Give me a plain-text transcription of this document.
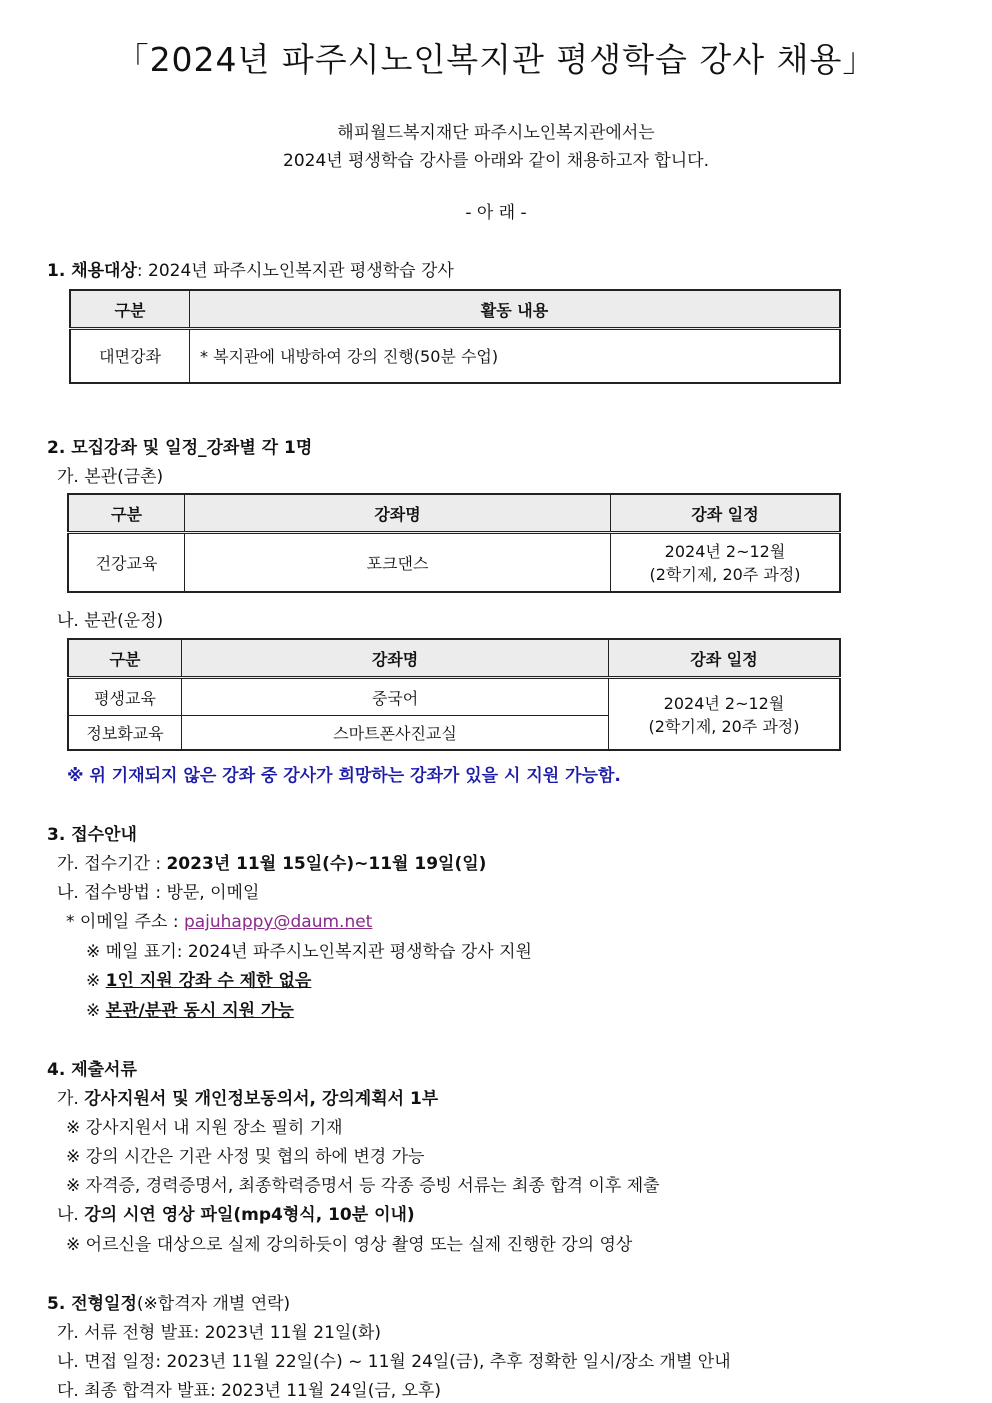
「2024년 파주시노인복지관 평생학습 강사 채용」
해피월드복지재단 파주시노인복지관에서는
2024년 평생학습 강사를 아래와 같이 채용하고자 합니다.
- 아 래 -
1. 채용대상: 2024년 파주시노인복지관 평생학습 강사
구분	활동 내용
대면강좌	* 복지관에 내방하여 강의 진행(50분 수업)
2. 모집강좌 및 일정_강좌별 각 1명
가. 본관(금촌)
구분	강좌명	강좌 일정
건강교육	포크댄스	2024년 2~12월
(2학기제, 20주 과정)
나. 분관(운정)
구분	강좌명	강좌 일정
평생교육	중국어	2024년 2~12월
(2학기제, 20주 과정)

정보화교육	스마트폰사진교실	
※ 위 기재되지 않은 강좌 중 강사가 희망하는 강좌가 있을 시 지원 가능함.
3. 접수안내
가. 접수기간 : 2023년 11월 15일(수)~11월 19일(일)
나. 접수방법 : 방문, 이메일
* 이메일 주소 : pajuhappy@daum.net
※ 메일 표기: 2024년 파주시노인복지관 평생학습 강사 지원
※ 1인 지원 강좌 수 제한 없음
※ 본관/분관 동시 지원 가능
4. 제출서류
가. 강사지원서 및 개인정보동의서, 강의계획서 1부
※ 강사지원서 내 지원 장소 필히 기재
※ 강의 시간은 기관 사정 및 협의 하에 변경 가능
※ 자격증, 경력증명서, 최종학력증명서 등 각종 증빙 서류는 최종 합격 이후 제출
나. 강의 시연 영상 파일(mp4형식, 10분 이내)
※ 어르신을 대상으로 실제 강의하듯이 영상 촬영 또는 실제 진행한 강의 영상
5. 전형일정(※합격자 개별 연락)
가. 서류 전형 발표: 2023년 11월 21일(화)
나. 면접 일정: 2023년 11월 22일(수) ~ 11월 24일(금), 추후 정확한 일시/장소 개별 안내
다. 최종 합격자 발표: 2023년 11월 24일(금, 오후)
